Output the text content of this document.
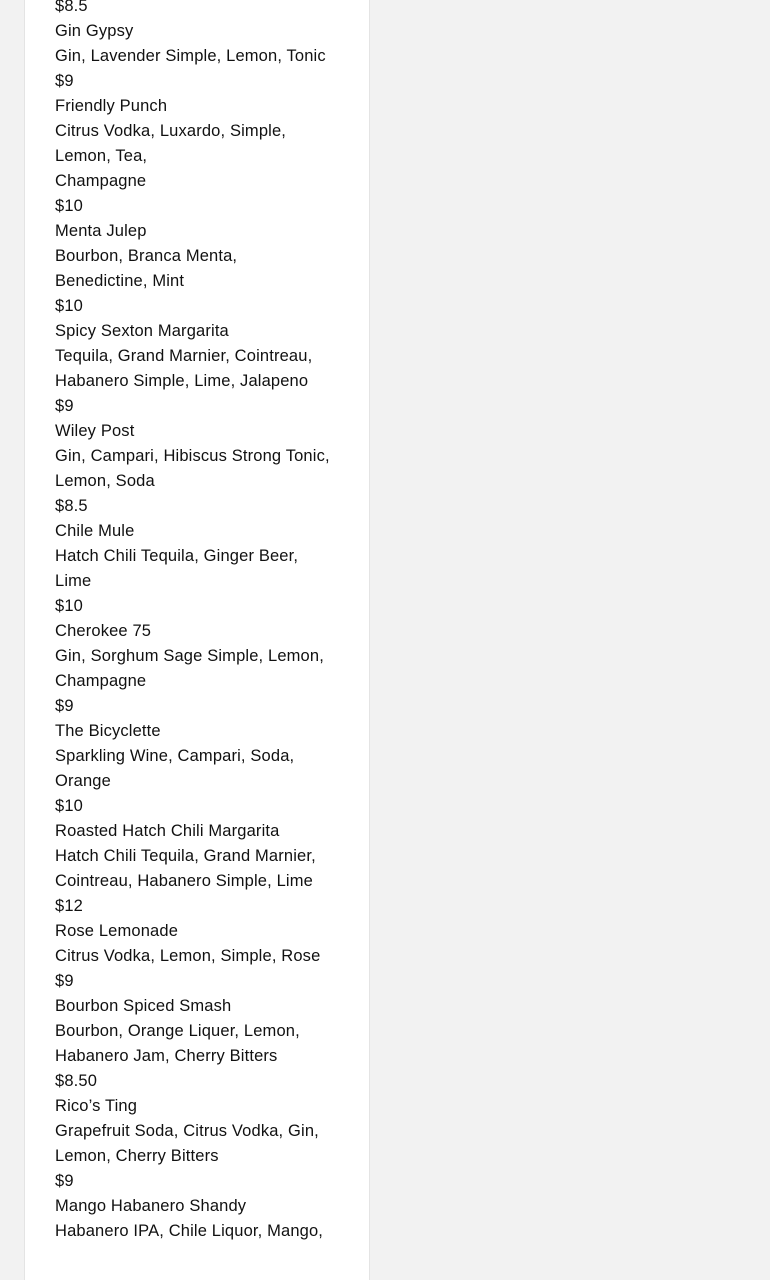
$8.5
Gin Gypsy
Gin, Lavender Simple, Lemon, Tonic
$9
Friendly Punch
Citrus Vodka, Luxardo, Simple,
Lemon, Tea,
Champagne
$10
Menta Julep
Bourbon, Branca Menta,
Benedictine, Mint
$10
Spicy Sexton Margarita
Tequila, Grand Marnier, Cointreau,
Habanero Simple, Lime, Jalapeno
$9
Wiley Post
Gin, Campari, Hibiscus Strong Tonic,
Lemon, Soda
$8.5
Chile Mule
Hatch Chili Tequila, Ginger Beer,
Lime
$10
Cherokee 75
Gin, Sorghum Sage Simple, Lemon,
Champagne
$9
The Bicyclette
Sparkling Wine, Campari, Soda,
Orange
$10
Roasted Hatch Chili Margarita
Hatch Chili Tequila, Grand Marnier,
Cointreau, Habanero Simple, Lime
$12
Rose Lemonade
Citrus Vodka, Lemon, Simple, Rose
$9
Bourbon Spiced Smash
Bourbon, Orange Liquer, Lemon,
Habanero Jam, Cherry Bitters
$8.50
Rico’s Ting
Grapefruit Soda, Citrus Vodka, Gin,
Lemon, Cherry Bitters
$9
Mango Habanero Shandy
Habanero IPA, Chile Liquor, Mango,
